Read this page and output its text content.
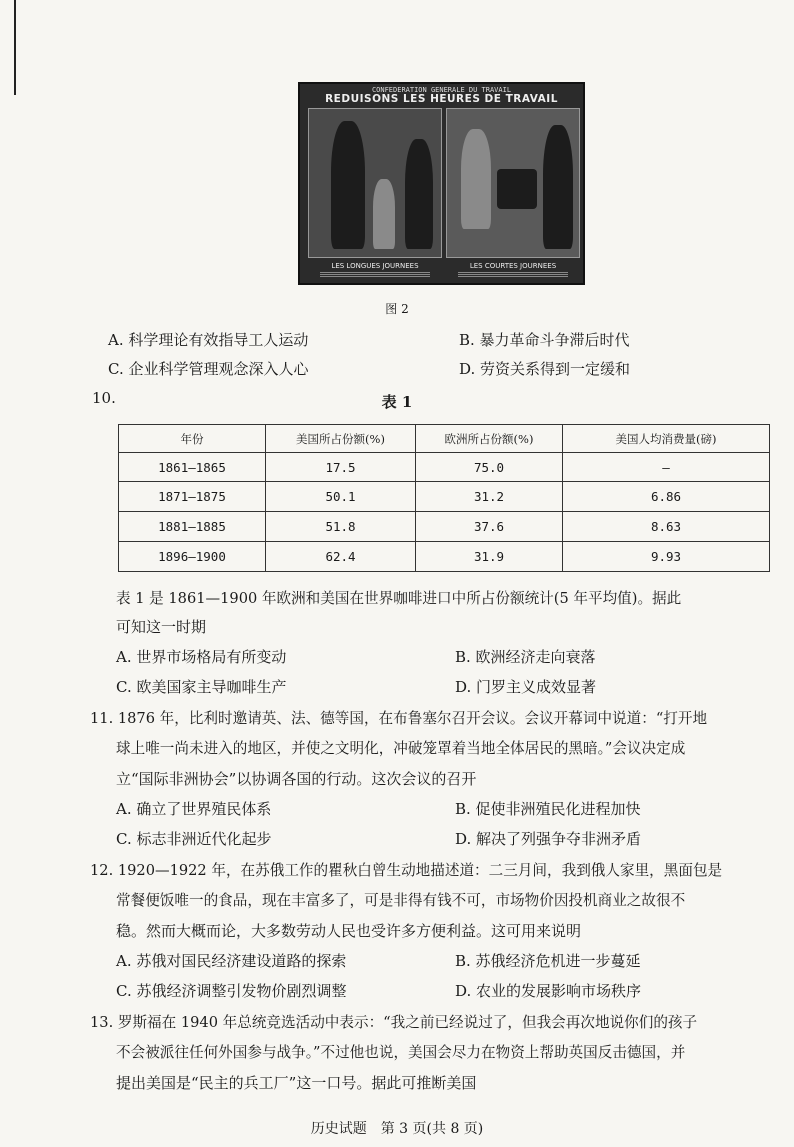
CONFEDERATION GENERALE DU TRAVAIL
REDUISONS LES HEURES DE TRAVAIL
LES LONGUES JOURNEES	LES COURTES JOURNEES
图 2
A. 科学理论有效指导工人运动	B. 暴力革命斗争滞后时代
C. 企业科学管理观念深入人心	D. 劳资关系得到一定缓和
10.	表 1
年份	美国所占份额(%)	欧洲所占份额(%)	美国人均消费量(磅)
1861—1865	17.5	75.0	—
1871—1875	50.1	31.2	6.86
1881—1885	51.8	37.6	8.63
1896—1900	62.4	31.9	9.93
表 1 是 1861—1900 年欧洲和美国在世界咖啡进口中所占份额统计(5 年平均值)。据此
可知这一时期
A. 世界市场格局有所变动	B. 欧洲经济走向衰落
C. 欧美国家主导咖啡生产	D. 门罗主义成效显著
11. 1876 年，比利时邀请英、法、德等国，在布鲁塞尔召开会议。会议开幕词中说道：“打开地
球上唯一尚未进入的地区，并使之文明化，冲破笼罩着当地全体居民的黑暗。”会议决定成
立“国际非洲协会”以协调各国的行动。这次会议的召开
A. 确立了世界殖民体系	B. 促使非洲殖民化进程加快
C. 标志非洲近代化起步	D. 解决了列强争夺非洲矛盾
12. 1920—1922 年，在苏俄工作的瞿秋白曾生动地描述道：二三月间，我到俄人家里，黑面包是
常餐便饭唯一的食品，现在丰富多了，可是非得有钱不可，市场物价因投机商业之故很不
稳。然而大概而论，大多数劳动人民也受许多方便利益。这可用来说明
A. 苏俄对国民经济建设道路的探索	B. 苏俄经济危机进一步蔓延
C. 苏俄经济调整引发物价剧烈调整	D. 农业的发展影响市场秩序
13. 罗斯福在 1940 年总统竞选活动中表示：“我之前已经说过了，但我会再次地说你们的孩子
不会被派往任何外国参与战争。”不过他也说，美国会尽力在物资上帮助英国反击德国，并
提出美国是“民主的兵工厂”这一口号。据此可推断美国
历史试题　第 3 页(共 8 页)
